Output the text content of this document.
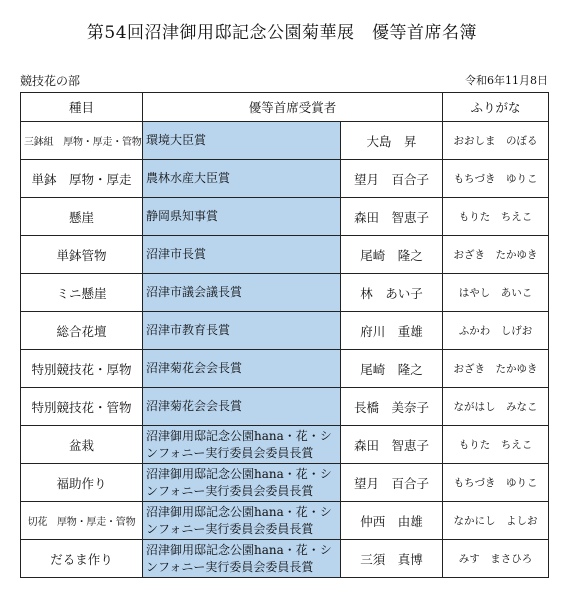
第54回沼津御用邸記念公園菊華展　優等首席名簿
競技花の部	令和6年11月8日
種目	優等首席受賞者		ふりがな
三鉢組　厚物・厚走・管物	環境大臣賞	大島　昇	おおしま　のぼる
単鉢　厚物・厚走	農林水産大臣賞	望月　百合子	もちづき　ゆりこ
懸崖	静岡県知事賞	森田　智恵子	もりた　ちえこ
単鉢管物	沼津市長賞	尾崎　隆之	おざき　たかゆき
ミニ懸崖	沼津市議会議長賞	林　あい子	はやし　あいこ
総合花壇	沼津市教育長賞	府川　重雄	ふかわ　しげお
特別競技花・厚物	沼津菊花会会長賞	尾崎　隆之	おざき　たかゆき
特別競技花・管物	沼津菊花会会長賞	長橋　美奈子	ながはし　みなこ
盆栽	沼津御用邸記念公園hana・花・シンフォニー実行委員会委員長賞	森田　智恵子	もりた　ちえこ
福助作り	沼津御用邸記念公園hana・花・シンフォニー実行委員会委員長賞	望月　百合子	もちづき　ゆりこ
切花　厚物・厚走・管物	沼津御用邸記念公園hana・花・シンフォニー実行委員会委員長賞	仲西　由雄	なかにし　よしお
だるま作り	沼津御用邸記念公園hana・花・シンフォニー実行委員会委員長賞	三須　真博	みす　まさひろ
